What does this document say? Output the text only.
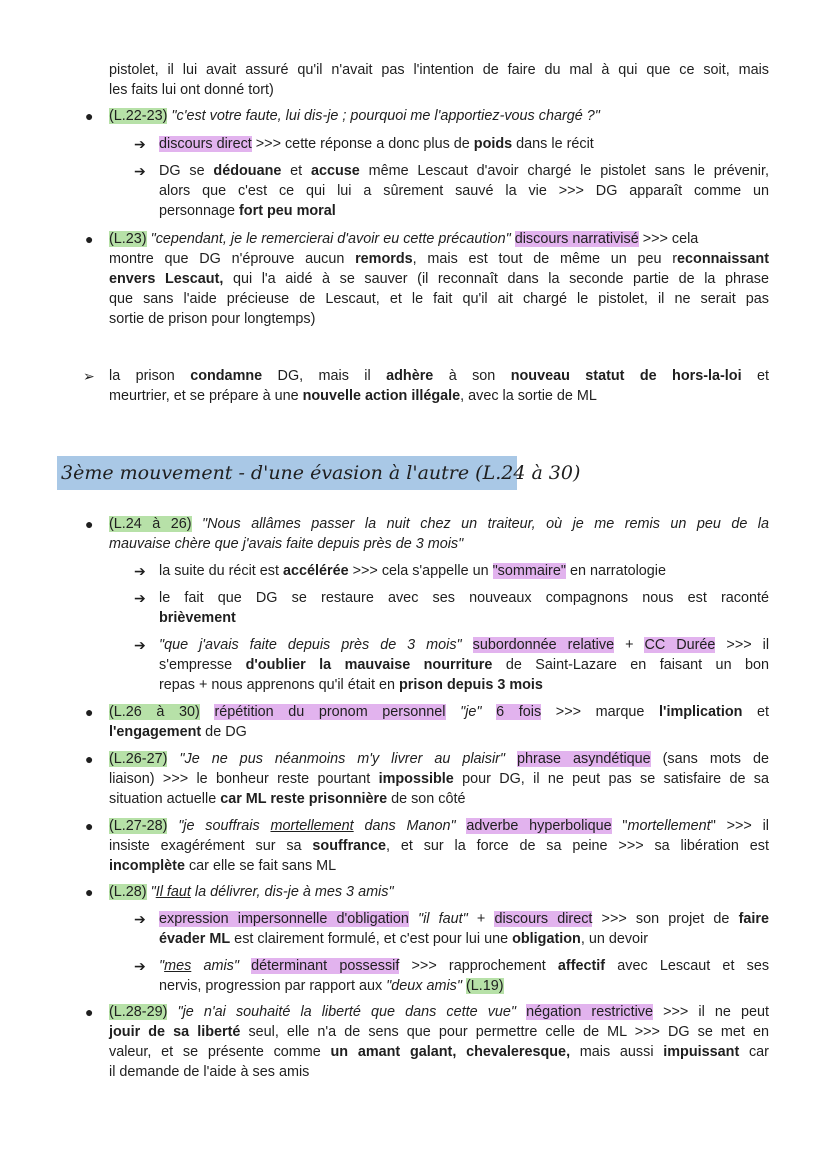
pistolet, il lui avait assuré qu'il n'avait pas l'intention de faire du mal à qui que ce soit, mais
les faits lui ont donné tort)
● (L.22-23) "c'est votre faute, lui dis-je ; pourquoi me l'apportiez-vous chargé ?"
➔ discours direct >>> cette réponse a donc plus de poids dans le récit
➔ DG se dédouane et accuse même Lescaut d'avoir chargé le pistolet sans le prévenir,
alors que c'est ce qui lui a sûrement sauvé la vie >>> DG apparaît comme un
personnage fort peu moral
● (L.23) "cependant, je le remercierai d'avoir eu cette précaution" discours narrativisé >>> cela
montre que DG n'éprouve aucun remords, mais est tout de même un peu reconnaissant
envers Lescaut, qui l'a aidé à se sauver (il reconnaît dans la seconde partie de la phrase
que sans l'aide précieuse de Lescaut, et le fait qu'il ait chargé le pistolet, il ne serait pas
sortie de prison pour longtemps)
➢ la prison condamne DG, mais il adhère à son nouveau statut de hors-la-loi et
meurtrier, et se prépare à une nouvelle action illégale, avec la sortie de ML
3ème mouvement - d'une évasion à l'autre (L.24 à 30)
● (L.24 à 26) "Nous allâmes passer la nuit chez un traiteur, où je me remis un peu de la
mauvaise chère que j'avais faite depuis près de 3 mois"
➔ la suite du récit est accélérée >>> cela s'appelle un "sommaire" en narratologie
➔ le fait que DG se restaure avec ses nouveaux compagnons nous est raconté
brièvement
➔ "que j'avais faite depuis près de 3 mois" subordonnée relative + CC Durée >>> il
s'empresse d'oublier la mauvaise nourriture de Saint-Lazare en faisant un bon
repas + nous apprenons qu'il était en prison depuis 3 mois
● (L.26 à 30) répétition du pronom personnel "je" 6 fois >>> marque l'implication et
l'engagement de DG
● (L.26-27) "Je ne pus néanmoins m'y livrer au plaisir" phrase asyndétique (sans mots de
liaison) >>> le bonheur reste pourtant impossible pour DG, il ne peut pas se satisfaire de sa
situation actuelle car ML reste prisonnière de son côté
● (L.27-28) "je souffrais mortellement dans Manon" adverbe hyperbolique "mortellement" >>> il
insiste exagérément sur sa souffrance, et sur la force de sa peine >>> sa libération est
incomplète car elle se fait sans ML
● (L.28) "Il faut la délivrer, dis-je à mes 3 amis"
➔ expression impersonnelle d'obligation "il faut" + discours direct >>> son projet de faire
évader ML est clairement formulé, et c'est pour lui une obligation, un devoir
➔ "mes amis" déterminant possessif >>> rapprochement affectif avec Lescaut et ses
nervis, progression par rapport aux "deux amis" (L.19)
● (L.28-29) "je n'ai souhaité la liberté que dans cette vue" négation restrictive >>> il ne peut
jouir de sa liberté seul, elle n'a de sens que pour permettre celle de ML >>> DG se met en
valeur, et se présente comme un amant galant, chevaleresque, mais aussi impuissant car
il demande de l'aide à ses amis
